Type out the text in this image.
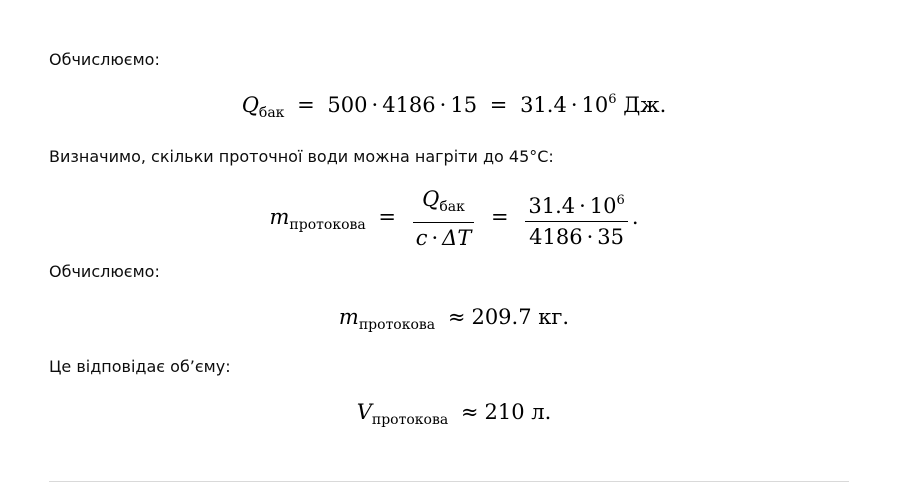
Обчислюємо:

$Q_{бак} = 500 \cdot 4186 \cdot 15 = 31.4 \cdot 10^6$ Дж.

Визначимо, скільки проточної води можна нагріти до 45°C:

$m_{протокова} = \frac{Q_{бак}}{c \cdot \Delta T} = \frac{31.4 \cdot 10^6}{4186 \cdot 35}$ .

Обчислюємо:

$m_{протокова} \approx 209.7$ кг.

Це відповідає об’єму:

$V_{протокова} \approx 210$ л.
